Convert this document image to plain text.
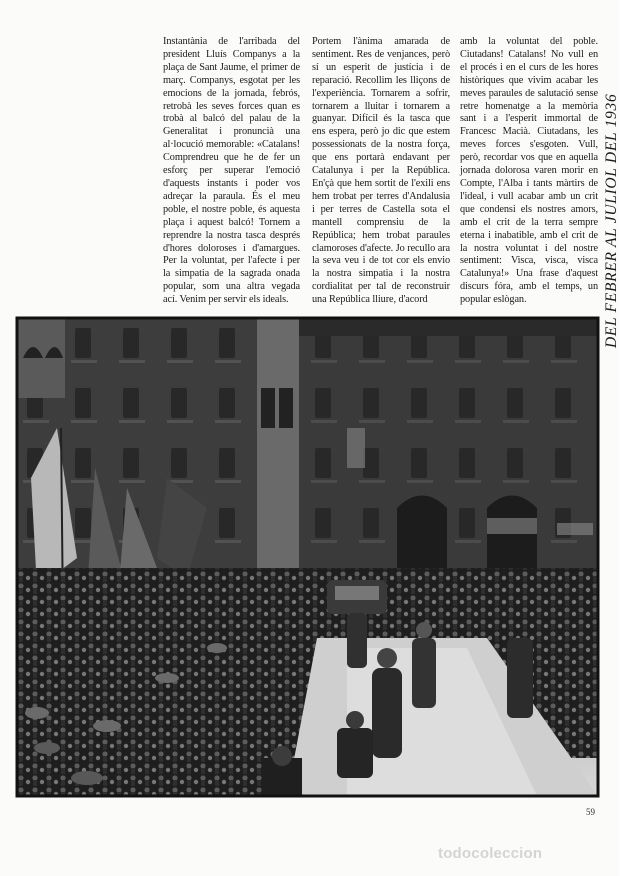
Instantània de l'arribada del president Lluís Companys a la plaça de Sant Jaume, el primer de març. Companys, esgotat per les emocions de la jornada, febrós, retrobà les seves forces quan es trobà al balcó del palau de la Generalitat i pronuncià una al·locució memorable: «Catalans! Comprendreu que he de fer un esforç per superar l'emoció d'aquests instants i poder vos adreçar la paraula. És el meu poble, el nostre poble, és aquesta plaça i aquest balcó! Tornem a reprendre la nostra tasca després d'hores doloroses i d'amargues. Per la voluntat, per l'afecte i per la simpatia de la sagrada onada popular, som una altra vegada ací. Venim per servir els ideals.

Portem l'ànima amarada de sentiment. Res de venjances, però sí un esperit de justícia i de reparació. Recollim les lliçons de l'experiència. Tornarem a sofrir, tornarem a lluitar i tornarem a guanyar. Difícil és la tasca que ens espera, però jo dic que estem possessionats de la nostra força, que ens portarà endavant per Catalunya i per la República. En'çà que hem sortit de l'exili ens hem trobat per terres d'Andalusia i per terres de Castella sota el mantell comprensiu de la República; hem trobat paraules clamoroses d'afecte. Jo recullo ara la seva veu i de tot cor els envio la nostra simpatia i la nostra cordialitat per tal de reconstruir una República lliure, d'acord

amb la voluntat del poble. Ciutadans! Catalans! No vull en el procés i en el curs de les hores històriques que vivim acabar les meves paraules de salutació sense retre homenatge a la memòria sant i a l'esperit immortal de Francesc Macià. Ciutadans, les meves forces s'esgoten. Vull, però, recordar vos que en aquella jornada dolorosa varen morir en Compte, l'Alba i tants màrtirs de l'ideal, i vull acabar amb un crit que condensi els nostres amors, amb el crit de la terra sempre eterna i inabatible, amb el crit de la nostra voluntat i del nostre sentiment: Visca, visca, visca Catalunya!» Una frase d'aquest discurs fóra, amb el temps, un popular eslògan.	DEL FEBRER AL JULIOL DEL 1936
59
todocoleccion
